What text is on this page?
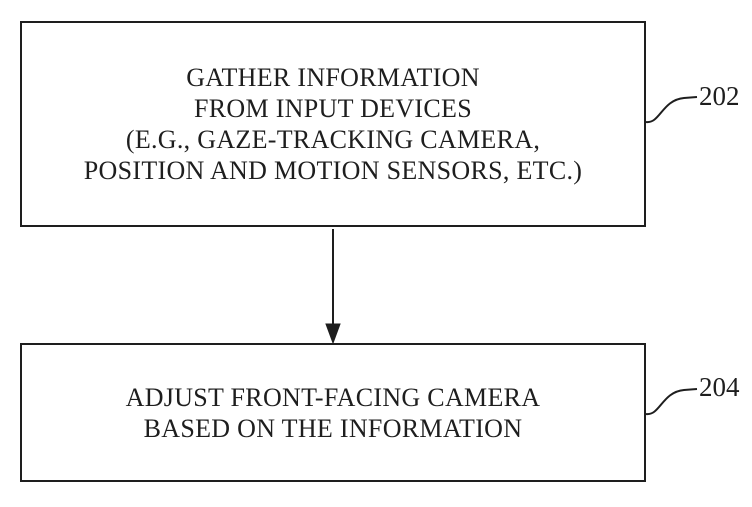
GATHER INFORMATION
FROM INPUT DEVICES
(E.G., GAZE-TRACKING CAMERA,
POSITION AND MOTION SENSORS, ETC.)
ADJUST FRONT-FACING CAMERA
BASED ON THE INFORMATION
202
204
